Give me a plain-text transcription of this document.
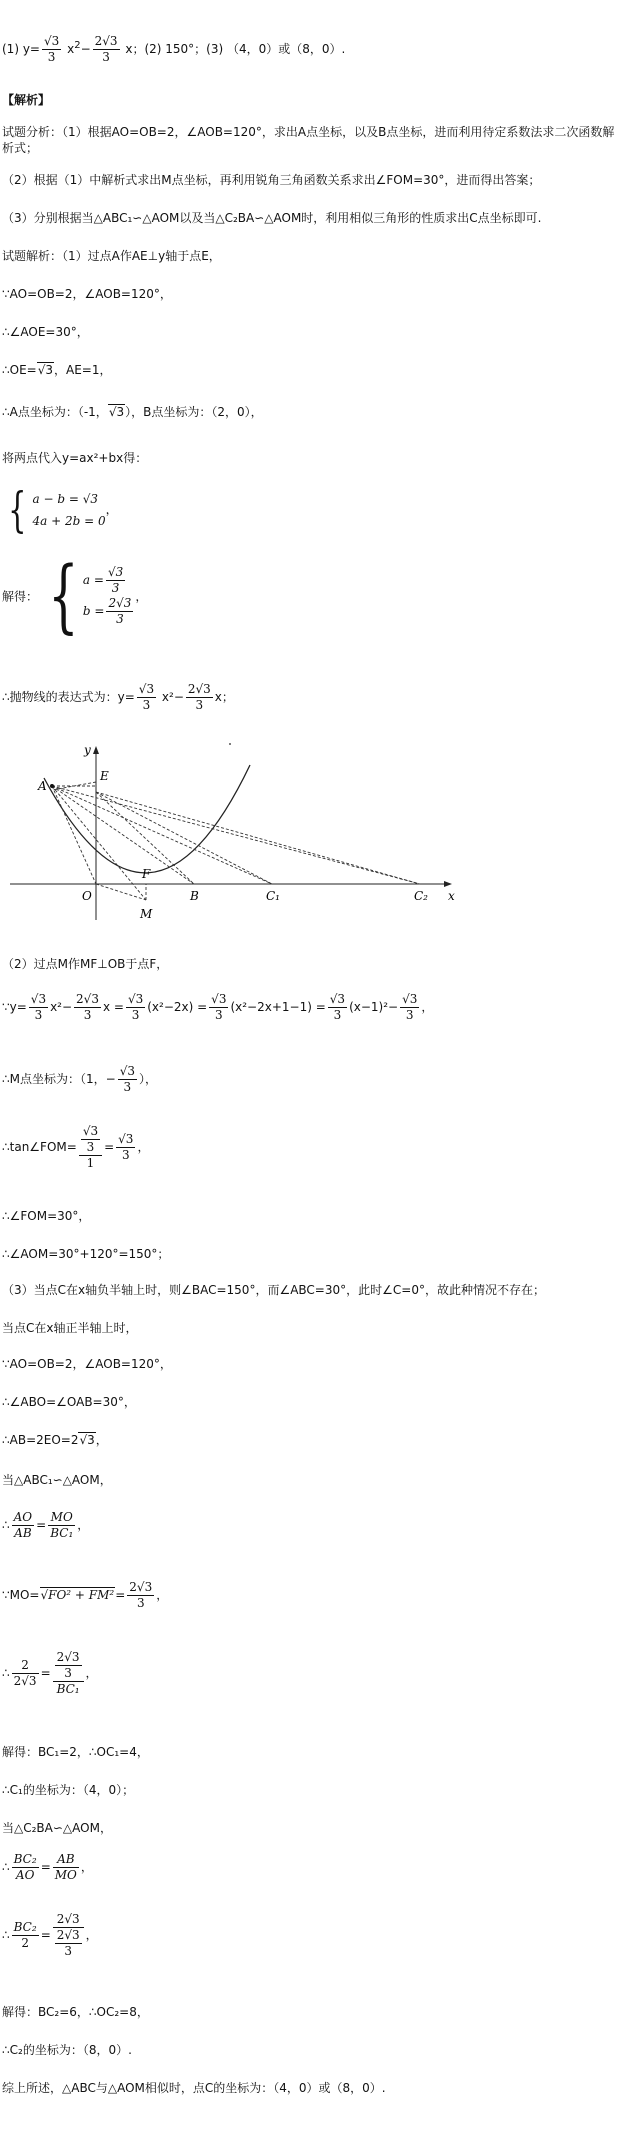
(1) $y= \frac{√3}{3} x^2- \frac{2√3}{3}$ x；(2) 150°；(3) （4，0）或（8，0）.
【解析】
试题分析：（1）根据AO=OB=2，∠AOB=120°，求出A点坐标，以及B点坐标，进而利用待定系数法求二次函数解析式；
（2）根据（1）中解析式求出M点坐标，再利用锐角三角函数关系求出∠FOM=30°，进而得出答案；
（3）分别根据当△ABC₁∽△AOM以及当△C₂BA∽△AOM时，利用相似三角形的性质求出C点坐标即可.
试题解析：（1）过点A作AE⊥y轴于点E，
∵AO=OB=2，∠AOB=120°，
∴∠AOE=30°，
∴OE=√3，AE=1，
∴A点坐标为：（-1，√3），B点坐标为：（2，0），
将两点代入y=ax²+bx得：
{ a − b = √3
4a + 2b = 0
，
解得： { $a = \frac{√3}{3}$
$b = \frac{2√3}{3}$ ，
∴抛物线的表达式为：$y= \frac{√3}{3} x^2- \frac{2√3}{3}$ x；
y
x
A
E
O
F
B	C₁	C₂
M
（2）过点M作MF⊥OB于点F，
∵y= $\frac{√3}{3} x^2- \frac{2√3}{3}$ $x = \frac{√3}{3} (x^2-2x) = \frac{√3}{3} (x^2-2x+1-1) = \frac{√3}{3} (x-1)^2- \frac{√3}{3}$ ，
∴M点坐标为：（1，− $\frac{√3}{3}$ ），
∴tan∠FOM= $\frac{\frac{√3}{3}}{1} = \frac{√3}{3}$ ，
∴∠FOM=30°，
∴∠AOM=30°+120°=150°；
（3）当点C在x轴负半轴上时，则∠BAC=150°，而∠ABC=30°，此时∠C=0°，故此种情况不存在；
当点C在x轴正半轴上时，
∵AO=OB=2，∠AOB=120°，
∴∠ABO=∠OAB=30°，
∴AB=2EO=2√3，
当△ABC₁∽△AOM，
∴ $\frac{AO}{AB} = \frac{MO}{\text{BC₁}}$ ，
∵MO=√FO² + $FM^2= \frac{2√3}{3}$ ，
∴ $\frac{2}{2√3} = \frac{\frac{2√3}{3}}{\text{BC₁}}$ ，
解得：BC₁=2，∴OC₁=4，
∴C₁的坐标为：（4，0）；
当△C₂BA∽△AOM，
∴ $\frac{\text{BC₂}}{AO} = \frac{AB}{MO}$ ，
∴ $\frac{\text{BC₂}}{2} = \frac{2√3}{\frac{2√3}{3}}$ ，
解得：BC₂=6，∴OC₂=8，
∴C₂的坐标为：（8，0）.
综上所述，△ABC与△AOM相似时，点C的坐标为：（4，0）或（8，0）.
